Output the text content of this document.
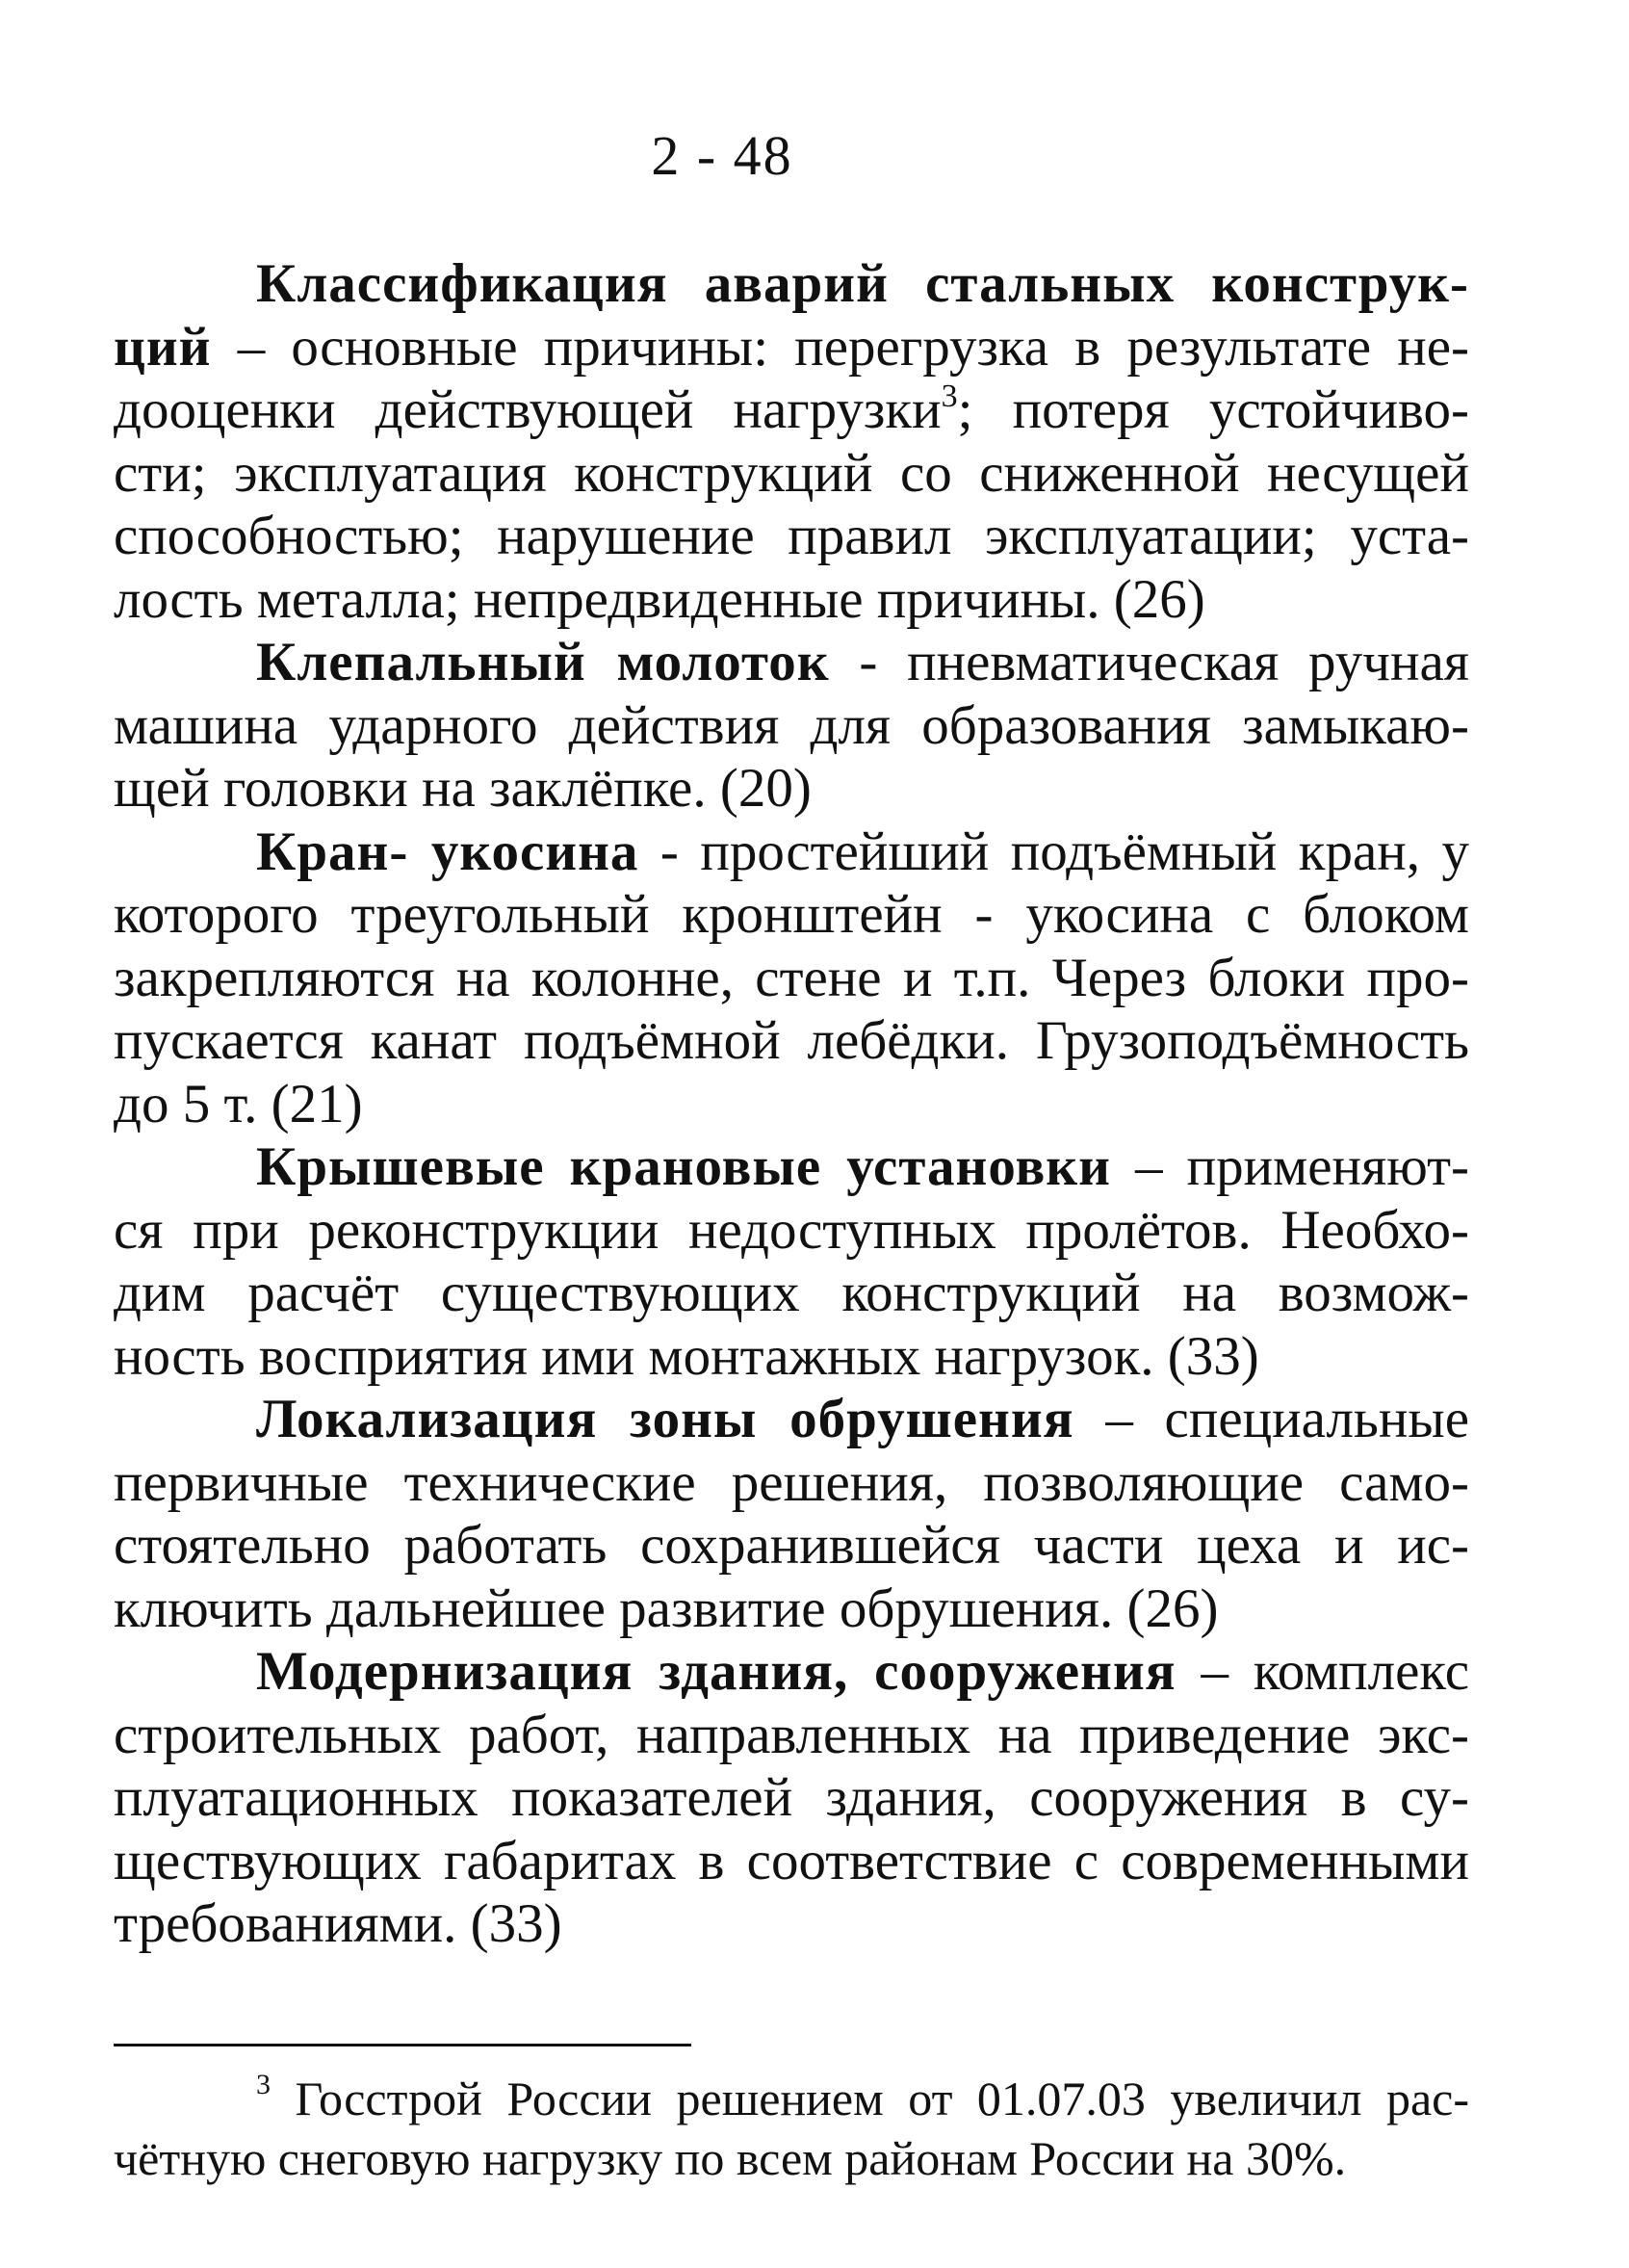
2 - 48
Классификация аварий стальных конструк-
ций – основные причины: перегрузка в результате не-
дооценки действующей нагрузки$^3$; потеря устойчиво-
сти; эксплуатация конструкций со сниженной несущей
способностью; нарушение правил эксплуатации; уста-
лость металла; непредвиденные причины. (26)
Клепальный молоток - пневматическая ручная
машина ударного действия для образования замыкаю-
щей головки на заклёпке. (20)
Кран- укосина - простейший подъёмный кран, у
которого треугольный кронштейн - укосина с блоком
закрепляются на колонне, стене и т.п. Через блоки про-
пускается канат подъёмной лебёдки. Грузоподъёмность
до 5 т. (21)
Крышевые крановые установки – применяют-
ся при реконструкции недоступных пролётов. Необхо-
дим расчёт существующих конструкций на возмож-
ность восприятия ими монтажных нагрузок. (33)
Локализация зоны обрушения – специальные
первичные технические решения, позволяющие само-
стоятельно работать сохранившейся части цеха и ис-
ключить дальнейшее развитие обрушения. (26)
Модернизация здания, сооружения – комплекс
строительных работ, направленных на приведение экс-
плуатационных показателей здания, сооружения в су-
ществующих габаритах в соответствие с современными
требованиями. (33)
$^3$ Госстрой России решением от 01.07.03 увеличил рас-
чётную снеговую нагрузку по всем районам России на 30%.
